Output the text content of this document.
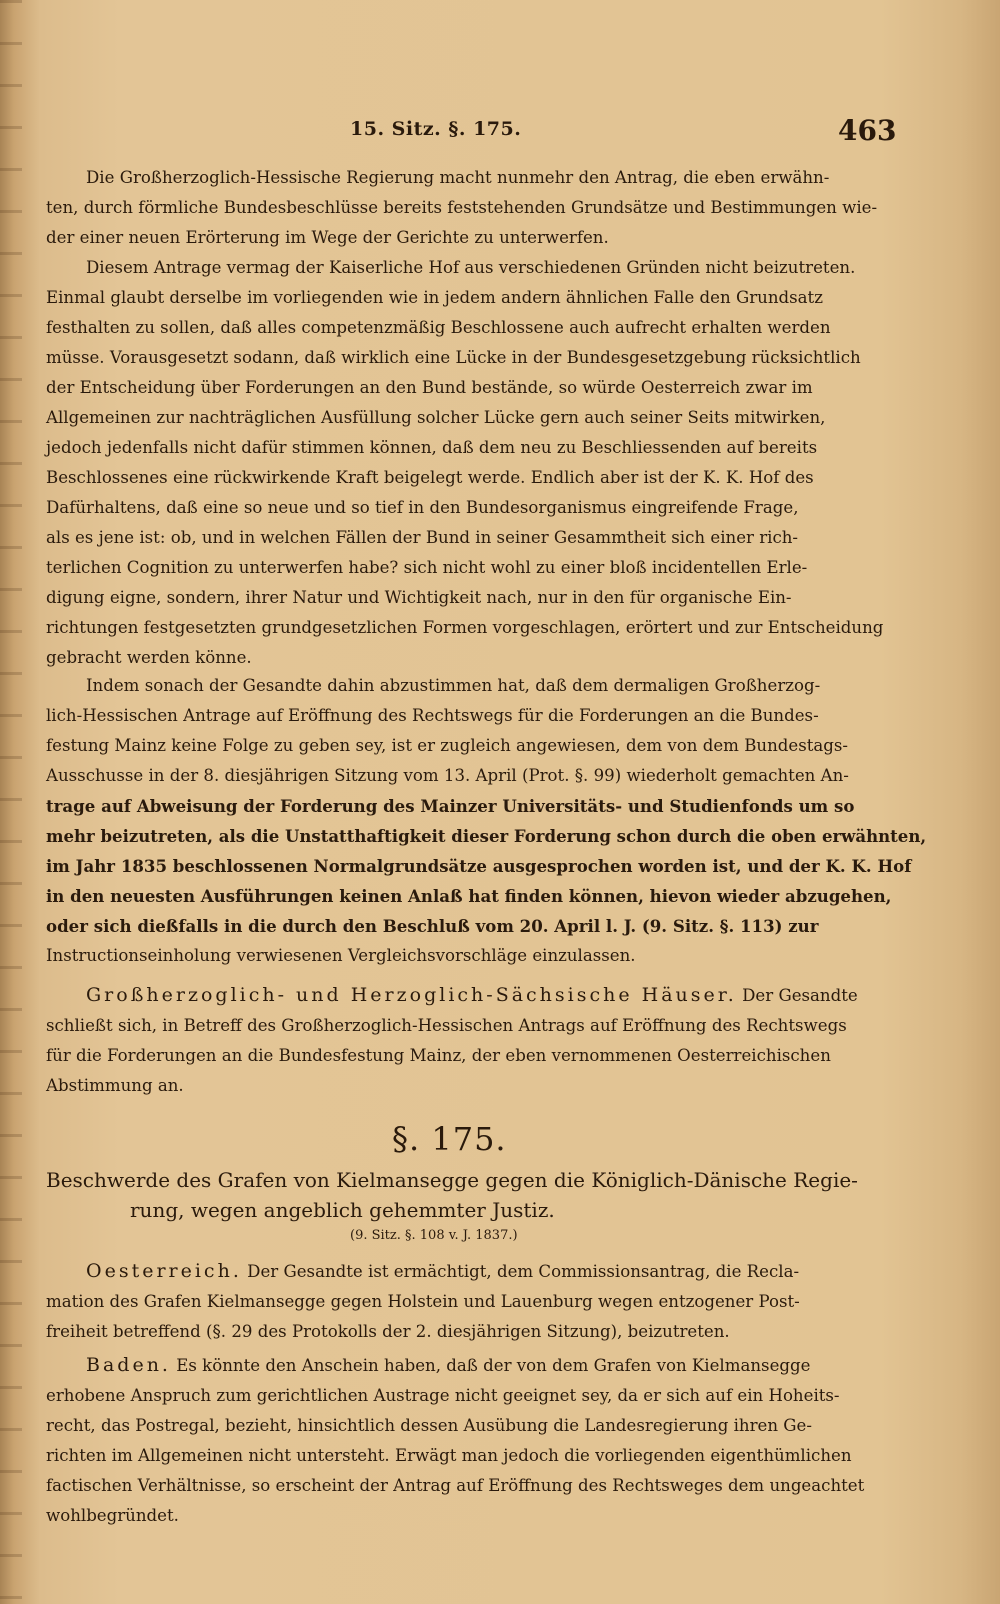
15. Sitz. §. 175.	463
Die Großherzoglich-Hessische Regierung macht nunmehr den Antrag, die eben erwähn-
ten, durch förmliche Bundesbeschlüsse bereits feststehenden Grundsätze und Bestimmungen wie-
der einer neuen Erörterung im Wege der Gerichte zu unterwerfen.
Diesem Antrage vermag der Kaiserliche Hof aus verschiedenen Gründen nicht beizutreten.
Einmal glaubt derselbe im vorliegenden wie in jedem andern ähnlichen Falle den Grundsatz
festhalten zu sollen, daß alles competenzmäßig Beschlossene auch aufrecht erhalten werden
müsse. Vorausgesetzt sodann, daß wirklich eine Lücke in der Bundesgesetzgebung rücksichtlich
der Entscheidung über Forderungen an den Bund bestände, so würde Oesterreich zwar im
Allgemeinen zur nachträglichen Ausfüllung solcher Lücke gern auch seiner Seits mitwirken,
jedoch jedenfalls nicht dafür stimmen können, daß dem neu zu Beschliessenden auf bereits
Beschlossenes eine rückwirkende Kraft beigelegt werde. Endlich aber ist der K. K. Hof des
Dafürhaltens, daß eine so neue und so tief in den Bundesorganismus eingreifende Frage,
als es jene ist: ob, und in welchen Fällen der Bund in seiner Gesammtheit sich einer rich-
terlichen Cognition zu unterwerfen habe? sich nicht wohl zu einer bloß incidentellen Erle-
digung eigne, sondern, ihrer Natur und Wichtigkeit nach, nur in den für organische Ein-
richtungen festgesetzten grundgesetzlichen Formen vorgeschlagen, erörtert und zur Entscheidung
gebracht werden könne.
Indem sonach der Gesandte dahin abzustimmen hat, daß dem dermaligen Großherzog-
lich-Hessischen Antrage auf Eröffnung des Rechtswegs für die Forderungen an die Bundes-
festung Mainz keine Folge zu geben sey, ist er zugleich angewiesen, dem von dem Bundestags-
Ausschusse in der 8. diesjährigen Sitzung vom 13. April (Prot. §. 99) wiederholt gemachten An-
trage auf Abweisung der Forderung des Mainzer Universitäts- und Studienfonds um so
mehr beizutreten, als die Unstatthaftigkeit dieser Forderung schon durch die oben erwähnten,
im Jahr 1835 beschlossenen Normalgrundsätze ausgesprochen worden ist, und der K. K. Hof
in den neuesten Ausführungen keinen Anlaß hat finden können, hievon wieder abzugehen,
oder sich dießfalls in die durch den Beschluß vom 20. April l. J. (9. Sitz. §. 113) zur
Instructionseinholung verwiesenen Vergleichsvorschläge einzulassen.
Großherzoglich- und Herzoglich-Sächsische Häuser. Der Gesandte
schließt sich, in Betreff des Großherzoglich-Hessischen Antrags auf Eröffnung des Rechtswegs
für die Forderungen an die Bundesfestung Mainz, der eben vernommenen Oesterreichischen
Abstimmung an.
§. 175.
Beschwerde des Grafen von Kielmansegge gegen die Königlich-Dänische Regie-
rung, wegen angeblich gehemmter Justiz.
(9. Sitz. §. 108 v. J. 1837.)
Oesterreich. Der Gesandte ist ermächtigt, dem Commissionsantrag, die Recla-
mation des Grafen Kielmansegge gegen Holstein und Lauenburg wegen entzogener Post-
freiheit betreffend (§. 29 des Protokolls der 2. diesjährigen Sitzung), beizutreten.
Baden. Es könnte den Anschein haben, daß der von dem Grafen von Kielmansegge
erhobene Anspruch zum gerichtlichen Austrage nicht geeignet sey, da er sich auf ein Hoheits-
recht, das Postregal, bezieht, hinsichtlich dessen Ausübung die Landesregierung ihren Ge-
richten im Allgemeinen nicht untersteht. Erwägt man jedoch die vorliegenden eigenthümlichen
factischen Verhältnisse, so erscheint der Antrag auf Eröffnung des Rechtsweges dem ungeachtet
wohlbegründet.
